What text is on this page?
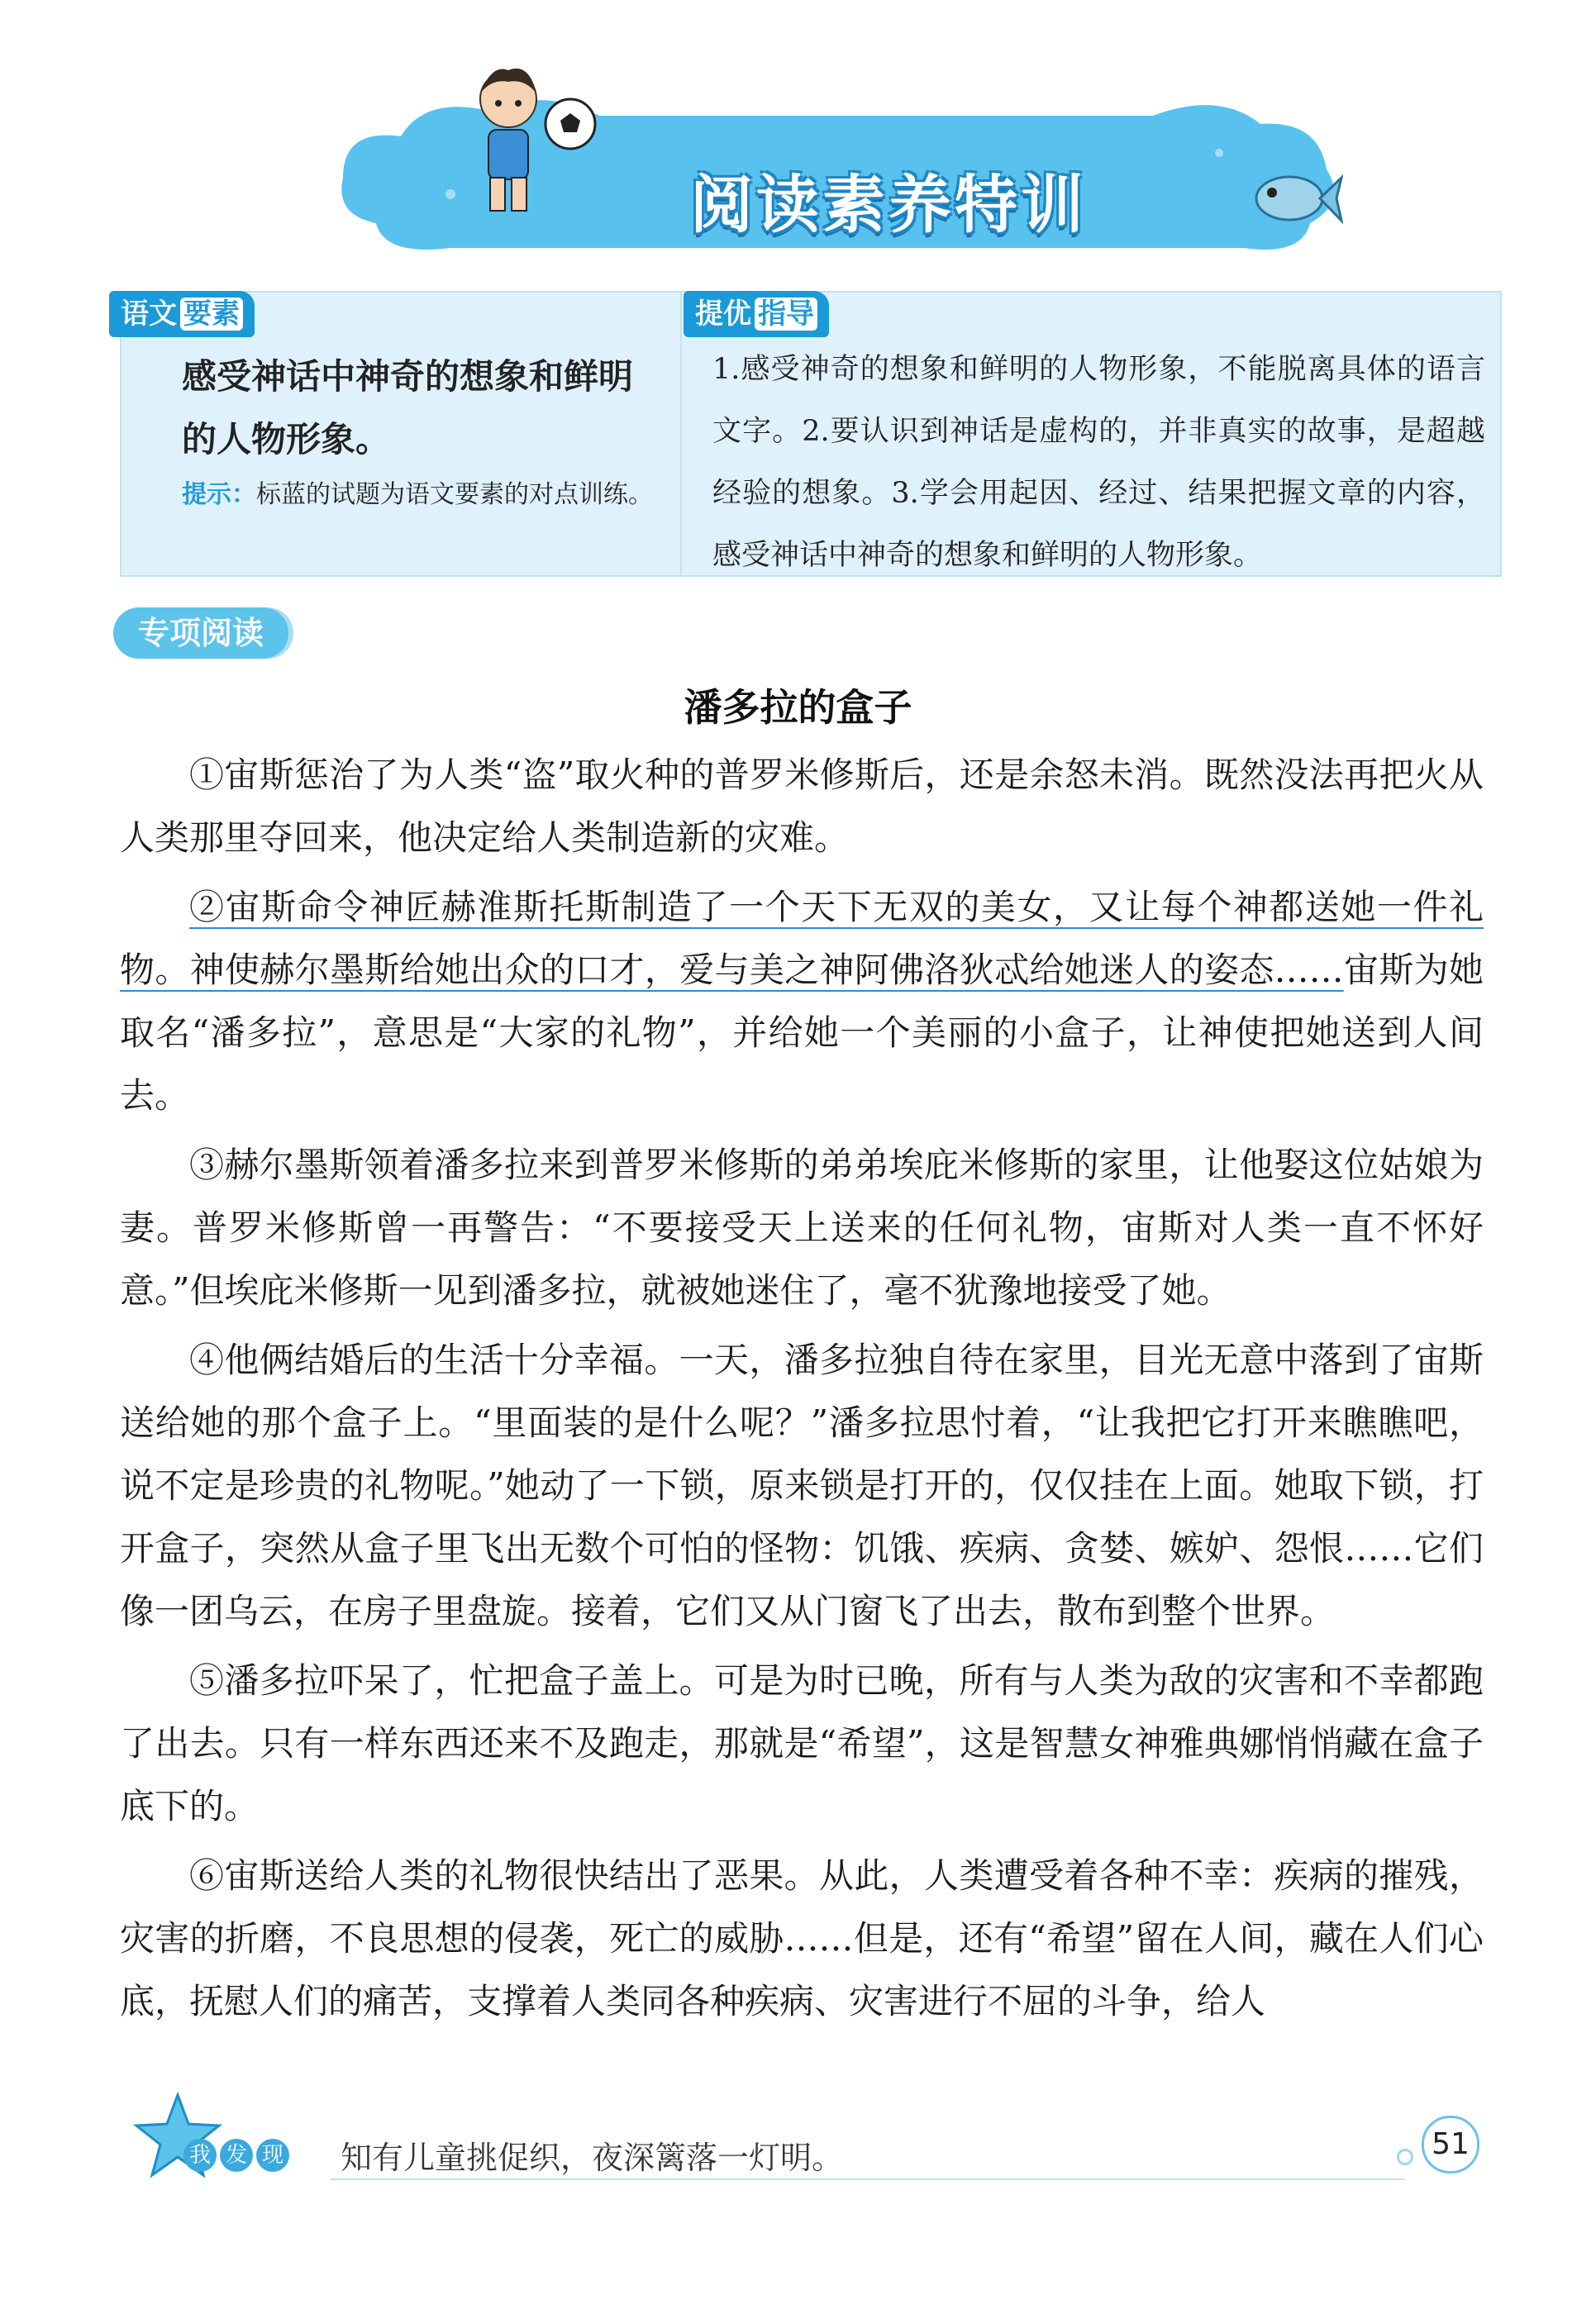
阅读素养特训
语文 要素	提优 指导
感受神话中神奇的想象和鲜明的人物形象。
提示：标蓝的试题为语文要素的对点训练。
1.感受神奇的想象和鲜明的人物形象，不能脱离具体的语言文字。2.要认识到神话是虚构的，并非真实的故事，是超越经验的想象。3.学会用起因、经过、结果把握文章的内容，感受神话中神奇的想象和鲜明的人物形象。
专项阅读
潘多拉的盒子

①宙斯惩治了为人类“盗”取火种的普罗米修斯后，还是余怒未消。既然没法再把火从人类那里夺回来，他决定给人类制造新的灾难。

②宙斯命令神匠赫淮斯托斯制造了一个天下无双的美女，又让每个神都送她一件礼物。神使赫尔墨斯给她出众的口才，爱与美之神阿佛洛狄忒给她迷人的姿态……宙斯为她取名“潘多拉”，意思是“大家的礼物”，并给她一个美丽的小盒子，让神使把她送到人间去。

③赫尔墨斯领着潘多拉来到普罗米修斯的弟弟埃庇米修斯的家里，让他娶这位姑娘为妻。普罗米修斯曾一再警告：“不要接受天上送来的任何礼物，宙斯对人类一直不怀好意。”但埃庇米修斯一见到潘多拉，就被她迷住了，毫不犹豫地接受了她。

④他俩结婚后的生活十分幸福。一天，潘多拉独自待在家里，目光无意中落到了宙斯送给她的那个盒子上。“里面装的是什么呢？”潘多拉思忖着，“让我把它打开来瞧瞧吧，说不定是珍贵的礼物呢。”她动了一下锁，原来锁是打开的，仅仅挂在上面。她取下锁，打开盒子，突然从盒子里飞出无数个可怕的怪物：饥饿、疾病、贪婪、嫉妒、怨恨……它们像一团乌云，在房子里盘旋。接着，它们又从门窗飞了出去，散布到整个世界。

⑤潘多拉吓呆了，忙把盒子盖上。可是为时已晚，所有与人类为敌的灾害和不幸都跑了出去。只有一样东西还来不及跑走，那就是“希望”，这是智慧女神雅典娜悄悄藏在盒子底下的。

⑥宙斯送给人类的礼物很快结出了恶果。从此，人类遭受着各种不幸：疾病的摧残，灾害的折磨，不良思想的侵袭，死亡的威胁……但是，还有“希望”留在人间，藏在人们心底，抚慰人们的痛苦，支撑着人类同各种疾病、灾害进行不屈的斗争，给人

我 发 现 知有儿童挑促织，夜深篱落一灯明。	51
